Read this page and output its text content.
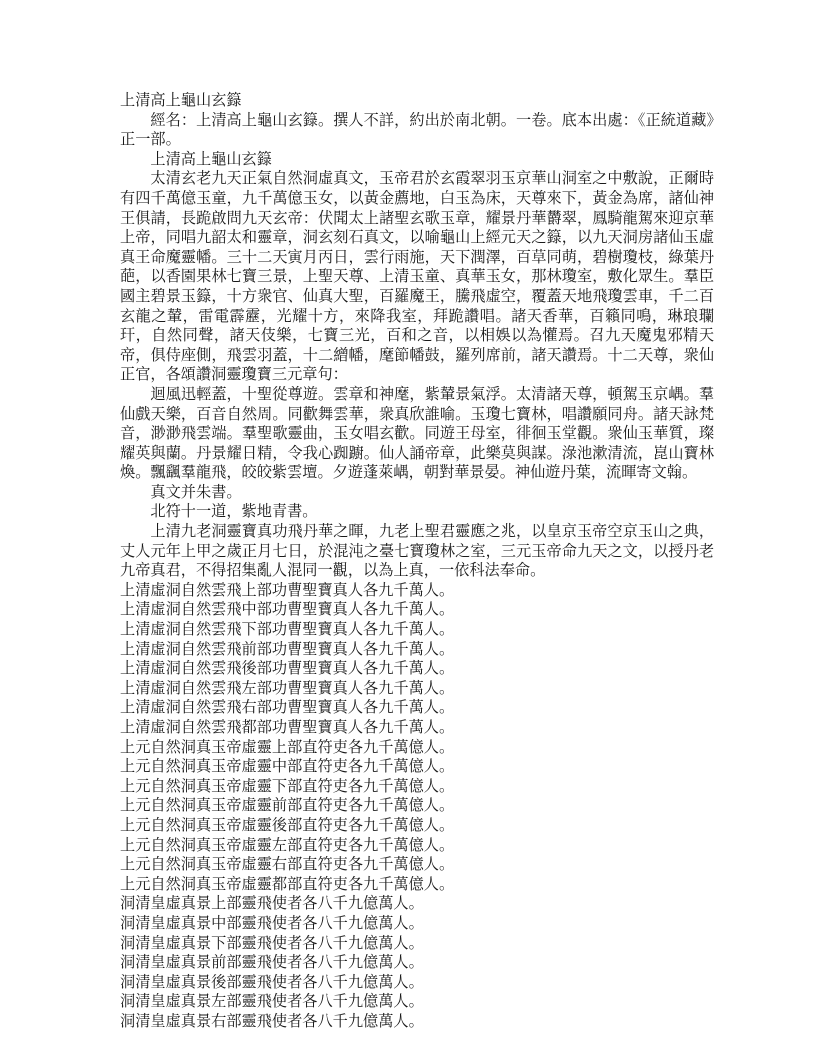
上清高上龜山玄籙

經名：上清高上龜山玄籙。撰人不詳，約出於南北朝。一卷。底本出處：《正統道藏》正一部。

上清高上龜山玄籙

太清玄老九天正氣自然洞虛真文，玉帝君於玄霞翠羽玉京華山洞室之中敷說，正爾時有四千萬億玉童，九千萬億玉女，以黃金薦地，白玉為床，天尊來下，黃金為席，諸仙神王俱請，長跪啟問九天玄帝：伏聞太上諸聖玄歌玉章，耀景丹華欝翠，鳳騎龍駕來迎京華上帝，同唱九韶太和靈章，洞玄刻石真文，以喻龜山上經元天之籙，以九天洞房諸仙玉虛真王命魔靈幡。三十二天寅月丙日，雲行雨施，天下潤澤，百草同萌，碧樹瓊枝，綠葉丹葩，以香園果林七寶三景，上聖天尊、上清玉童、真華玉女，那林瓊室，敷化眾生。羣臣國主碧景玉籙，十方衆官、仙真大聖，百羅魔王，騰飛虛空，覆蓋天地飛瓊雲車，千二百玄龍之輦，雷電霹靂，光耀十方，來降我室，拜跪讚唱。諸天香華，百籟同鳴，琳琅瓓玕，自然同聲，諸天伎樂，七寶三光，百和之音，以相娛以為懽焉。召九天魔鬼邪精天帝，俱侍座側，飛雲羽蓋，十二繒幡，麾節幡鼓，羅列席前，諸天讚焉。十二天尊，衆仙正官，各頌讚洞靈瓊寶三元章句：

迴風迅輕蓋，十聖從尊遊。雲章和神麾，紫輦景氣浮。太清諸天尊，頓駕玉京嵎。羣仙戲天樂，百音自然周。同歡舞雲華，衆真欣誰喻。玉瓊七寶林，唱讚願同舟。諸天詠梵音，渺渺飛雲端。羣聖歌靈曲，玉女唱玄歡。同遊王母室，徘徊玉堂觀。衆仙玉華質，璨耀英與蘭。丹景耀日精，令我心踟躕。仙人誦帝章，此樂莫與謀。淥池漱清流，崑山寶林煥。飄颻羣龍飛，皎皎紫雲壇。夕遊蓬萊嵎，朝對華景晏。神仙遊丹葉，流暉寄文翰。

真文并朱書。

北符十一道，紫地青書。

上清九老洞靈寶真功飛丹華之暉，九老上聖君靈應之兆，以皇京玉帝空京玉山之典，丈人元年上甲之歲正月七日，於混沌之臺七寶瓊林之室，三元玉帝命九天之文，以授丹老九帝真君，不得招集亂人混同一觀，以為上真，一依科法奉命。

上清虛洞自然雲飛上部功曹聖寶真人各九千萬人。

上清虛洞自然雲飛中部功曹聖寶真人各九千萬人。

上清虛洞自然雲飛下部功曹聖寶真人各九千萬人。

上清虛洞自然雲飛前部功曹聖寶真人各九千萬人。

上清虛洞自然雲飛後部功曹聖寶真人各九千萬人。

上清虛洞自然雲飛左部功曹聖寶真人各九千萬人。

上清虛洞自然雲飛右部功曹聖寶真人各九千萬人。

上清虛洞自然雲飛都部功曹聖寶真人各九千萬人。

上元自然洞真玉帝虛靈上部直符吏各九千萬億人。

上元自然洞真玉帝虛靈中部直符吏各九千萬億人。

上元自然洞真玉帝虛靈下部直符吏各九千萬億人。

上元自然洞真玉帝虛靈前部直符吏各九千萬億人。

上元自然洞真玉帝虛靈後部直符吏各九千萬億人。

上元自然洞真玉帝虛靈左部直符吏各九千萬億人。

上元自然洞真玉帝虛靈右部直符吏各九千萬億人。

上元自然洞真玉帝虛靈都部直符吏各九千萬億人。

洞清皇虛真景上部靈飛使者各八千九億萬人。

洞清皇虛真景中部靈飛使者各八千九億萬人。

洞清皇虛真景下部靈飛使者各八千九億萬人。

洞清皇虛真景前部靈飛使者各八千九億萬人。

洞清皇虛真景後部靈飛使者各八千九億萬人。

洞清皇虛真景左部靈飛使者各八千九億萬人。

洞清皇虛真景右部靈飛使者各八千九億萬人。
